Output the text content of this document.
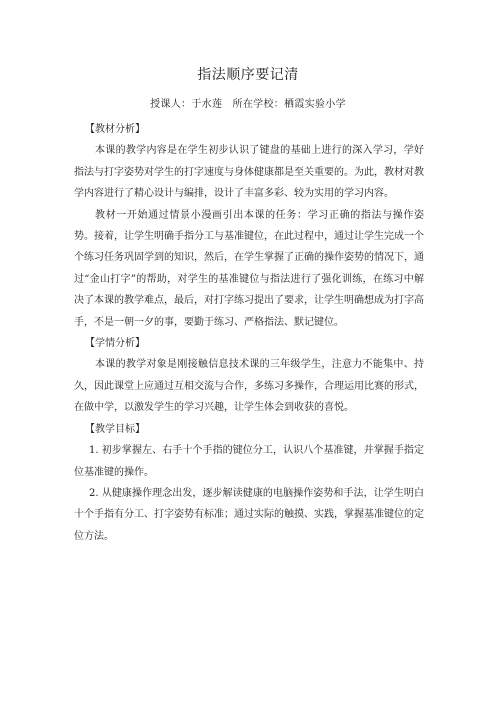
指法顺序要记清
授课人：于水莲　所在学校：栖霞实验小学

【教材分析】

本课的教学内容是在学生初步认识了键盘的基础上进行的深入学习，学好指法与打字姿势对学生的打字速度与身体健康都是至关重要的。为此，教材对教学内容进行了精心设计与编排，设计了丰富多彩、较为实用的学习内容。

教材一开始通过情景小漫画引出本课的任务：学习正确的指法与操作姿势。接着，让学生明确手指分工与基准键位，在此过程中，通过让学生完成一个个练习任务巩固学到的知识，然后，在学生掌握了正确的操作姿势的情况下，通过“金山打字”的帮助，对学生的基准键位与指法进行了强化训练，在练习中解决了本课的教学难点，最后，对打字练习提出了要求，让学生明确想成为打字高手，不是一朝一夕的事，要勤于练习、严格指法、默记键位。

【学情分析】

本课的教学对象是刚接触信息技术课的三年级学生，注意力不能集中、持久，因此课堂上应通过互相交流与合作，多练习多操作，合理运用比赛的形式，在做中学，以激发学生的学习兴趣，让学生体会到收获的喜悦。

【教学目标】

1. 初步掌握左、右手十个手指的键位分工，认识八个基准键，并掌握手指定位基准键的操作。

2. 从健康操作理念出发，逐步解读健康的电脑操作姿势和手法，让学生明白十个手指有分工、打字姿势有标准；通过实际的触摸、实践，掌握基准键位的定位方法。
